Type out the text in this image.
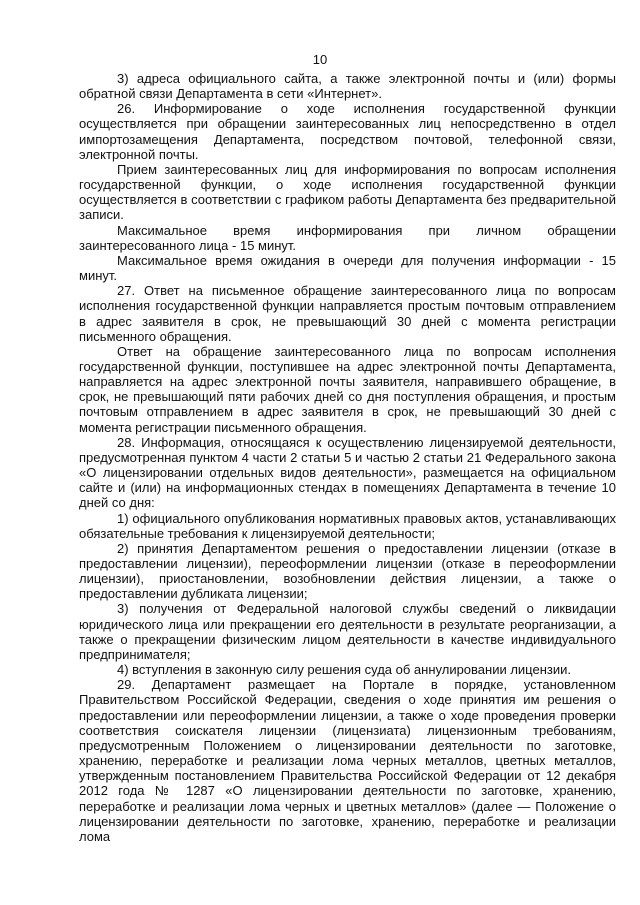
10

3) адреса официального сайта, а также электронной почты и (или) формы обратной связи Департамента в сети «Интернет».

26. Информирование о ходе исполнения государственной функции осуществляется при обращении заинтересованных лиц непосредственно в отдел импортозамещения Департамента, посредством почтовой, телефонной связи, электронной почты.

Прием заинтересованных лиц для информирования по вопросам исполнения государственной функции, о ходе исполнения государственной функции осуществляется в соответствии с графиком работы Департамента без предварительной записи.

Максимальное время информирования при личном обращении заинтересованного лица - 15 минут.

Максимальное время ожидания в очереди для получения информации - 15 минут.

27. Ответ на письменное обращение заинтересованного лица по вопросам исполнения государственной функции направляется простым почтовым отправлением в адрес заявителя в срок, не превышающий 30 дней с момента регистрации письменного обращения.

Ответ на обращение заинтересованного лица по вопросам исполнения государственной функции, поступившее на адрес электронной почты Департамента, направляется на адрес электронной почты заявителя, направившего обращение, в срок, не превышающий пяти рабочих дней со дня поступления обращения, и простым почтовым отправлением в адрес заявителя в срок, не превышающий 30 дней с момента регистрации письменного обращения.

28. Информация, относящаяся к осуществлению лицензируемой деятельности, предусмотренная пунктом 4 части 2 статьи 5 и частью 2 статьи 21 Федерального закона «О лицензировании отдельных видов деятельности», размещается на официальном сайте и (или) на информационных стендах в помещениях Департамента в течение 10 дней со дня:

1) официального опубликования нормативных правовых актов, устанавливающих обязательные требования к лицензируемой деятельности;

2) принятия Департаментом решения о предоставлении лицензии (отказе в предоставлении лицензии), переоформлении лицензии (отказе в переоформлении лицензии), приостановлении, возобновлении действия лицензии, а также о предоставлении дубликата лицензии;

3) получения от Федеральной налоговой службы сведений о ликвидации юридического лица или прекращении его деятельности в результате реорганизации, а также о прекращении физическим лицом деятельности в качестве индивидуального предпринимателя;

4) вступления в законную силу решения суда об аннулировании лицензии.

29. Департамент размещает на Портале в порядке, установленном Правительством Российской Федерации, сведения о ходе принятия им решения о предоставлении или переоформлении лицензии, а также о ходе проведения проверки соответствия соискателя лицензии (лицензиата) лицензионным требованиям, предусмотренным Положением о лицензировании деятельности по заготовке, хранению, переработке и реализации лома черных металлов, цветных металлов, утвержденным постановлением Правительства Российской Федерации от 12 декабря 2012 года № 1287 «О лицензировании деятельности по заготовке, хранению, переработке и реализации лома черных и цветных металлов» (далее — Положение о лицензировании деятельности по заготовке, хранению, переработке и реализации лома
